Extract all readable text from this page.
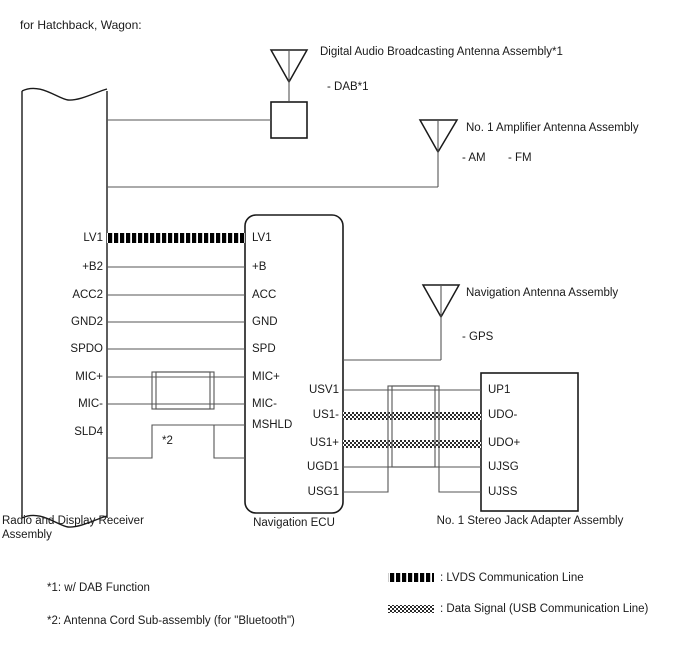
for Hatchback, Wagon:
Digital Audio Broadcasting Antenna Assembly*1
- DAB*1
No. 1 Amplifier Antenna Assembly
- AM - FM
Navigation Antenna Assembly
- GPS
LV1
+B2
ACC2
GND2
SPDO
MIC+
MIC-
SLD4
LV1
+B
ACC
GND
SPD
MIC+
MIC-
MSHLD
USV1
US1-
US1+
UGD1
USG1
UP1
UDO-
UDO+
UJSG
UJSS
*2
Radio and Display Receiver
Assembly
Navigation ECU	No. 1 Stereo Jack Adapter Assembly
*1: w/ DAB Function
*2: Antenna Cord Sub-assembly (for "Bluetooth")
: LVDS Communication Line
: Data Signal (USB Communication Line)
